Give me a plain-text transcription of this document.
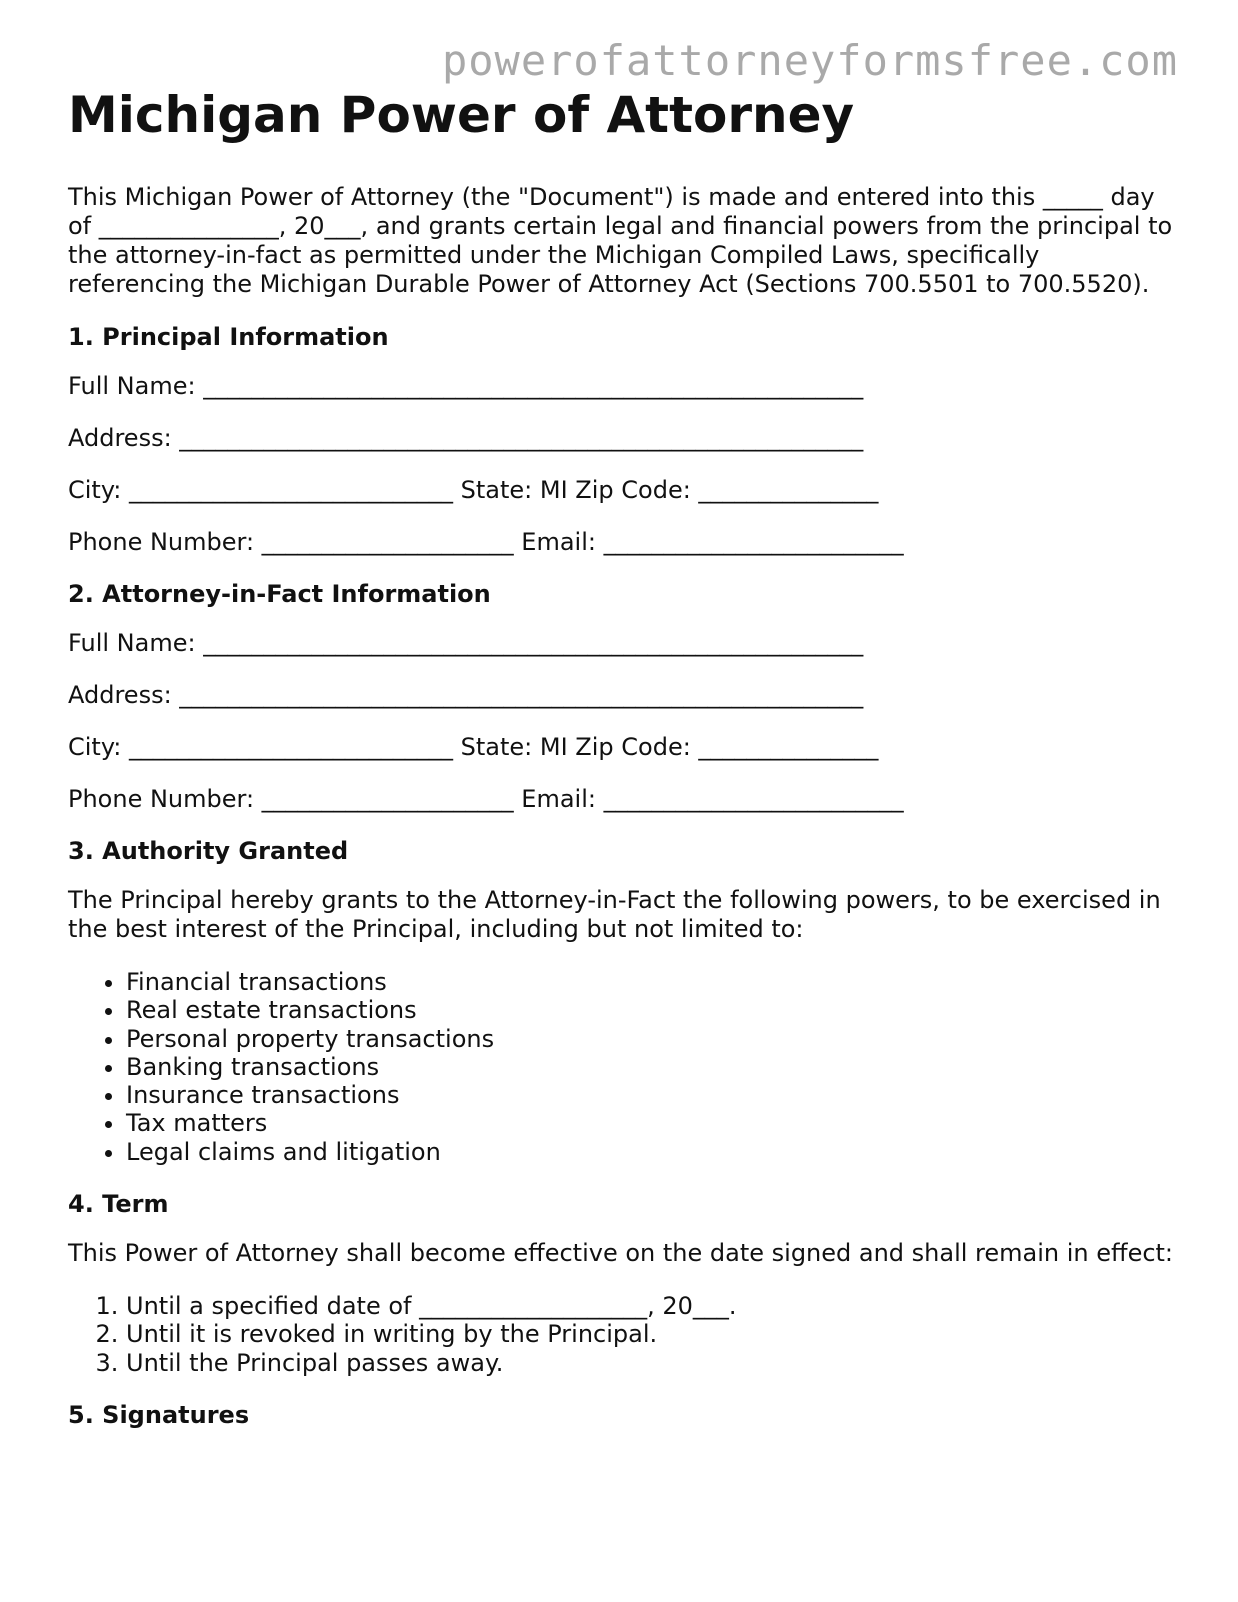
powerofattorneyformsfree.com
Michigan Power of Attorney

This Michigan Power of Attorney (the "Document") is made and entered into this _____ day of _______________, 20___, and grants certain legal and financial powers from the principal to the attorney-in-fact as permitted under the Michigan Compiled Laws, specifically referencing the Michigan Durable Power of Attorney Act (Sections 700.5501 to 700.5520).

1. Principal Information
Full Name: _______________________________________________________
Address: _________________________________________________________
City: ___________________________ State: MI Zip Code: _______________
Phone Number: _____________________ Email: _________________________
2. Attorney-in-Fact Information
Full Name: _______________________________________________________
Address: _________________________________________________________
City: ___________________________ State: MI Zip Code: _______________
Phone Number: _____________________ Email: _________________________
3. Authority Granted

The Principal hereby grants to the Attorney-in-Fact the following powers, to be exercised in the best interest of the Principal, including but not limited to:

• Financial transactions
• Real estate transactions
• Personal property transactions
• Banking transactions
• Insurance transactions
• Tax matters
• Legal claims and litigation
4. Term

This Power of Attorney shall become effective on the date signed and shall remain in effect:

1. Until a specified date of ___________________, 20___.
2. Until it is revoked in writing by the Principal.
3. Until the Principal passes away.
5. Signatures
